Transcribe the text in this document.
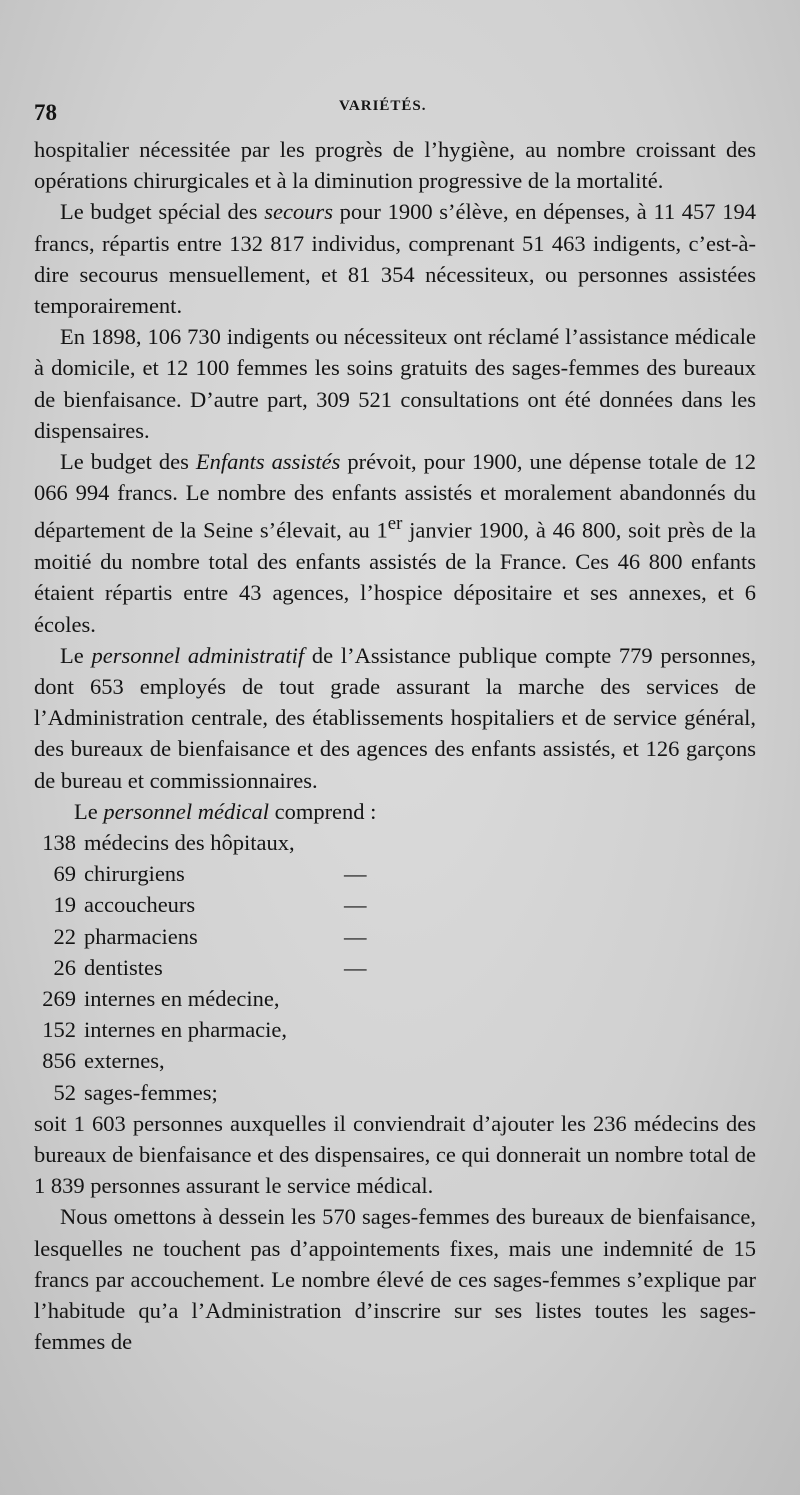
78	VARIÉTÉS.

hospitalier nécessitée par les progrès de l’hygiène, au nombre croissant des opérations chirurgicales et à la diminution progressive de la mortalité.

Le budget spécial des secours pour 1900 s’élève, en dépenses, à 11 457 194 francs, répartis entre 132 817 individus, comprenant 51 463 indigents, c’est-à-dire secourus mensuellement, et 81 354 nécessiteux, ou personnes assistées temporairement.

En 1898, 106 730 indigents ou nécessiteux ont réclamé l’assistance médicale à domicile, et 12 100 femmes les soins gratuits des sages-femmes des bureaux de bienfaisance. D’autre part, 309 521 consultations ont été données dans les dispensaires.

Le budget des Enfants assistés prévoit, pour 1900, une dépense totale de 12 066 994 francs. Le nombre des enfants assistés et moralement abandonnés du département de la Seine s’élevait, au 1er janvier 1900, à 46 800, soit près de la moitié du nombre total des enfants assistés de la France. Ces 46 800 enfants étaient répartis entre 43 agences, l’hospice dépositaire et ses annexes, et 6 écoles.

Le personnel administratif de l’Assistance publique compte 779 personnes, dont 653 employés de tout grade assurant la marche des services de l’Administration centrale, des établissements hospitaliers et de service général, des bureaux de bienfaisance et des agences des enfants assistés, et 126 garçons de bureau et commissionnaires.

Le personnel médical comprend :

138 médecins des hôpitaux,
69 chirurgiens	—
19 accoucheurs	—
22 pharmaciens	—
26 dentistes	—
269 internes en médecine,
152 internes en pharmacie,
856 externes,
52 sages-femmes;

soit 1 603 personnes auxquelles il conviendrait d’ajouter les 236 médecins des bureaux de bienfaisance et des dispensaires, ce qui donnerait un nombre total de 1 839 personnes assurant le service médical.

Nous omettons à dessein les 570 sages-femmes des bureaux de bienfaisance, lesquelles ne touchent pas d’appointements fixes, mais une indemnité de 15 francs par accouchement. Le nombre élevé de ces sages-femmes s’explique par l’habitude qu’a l’Administration d’inscrire sur ses listes toutes les sages-femmes de
